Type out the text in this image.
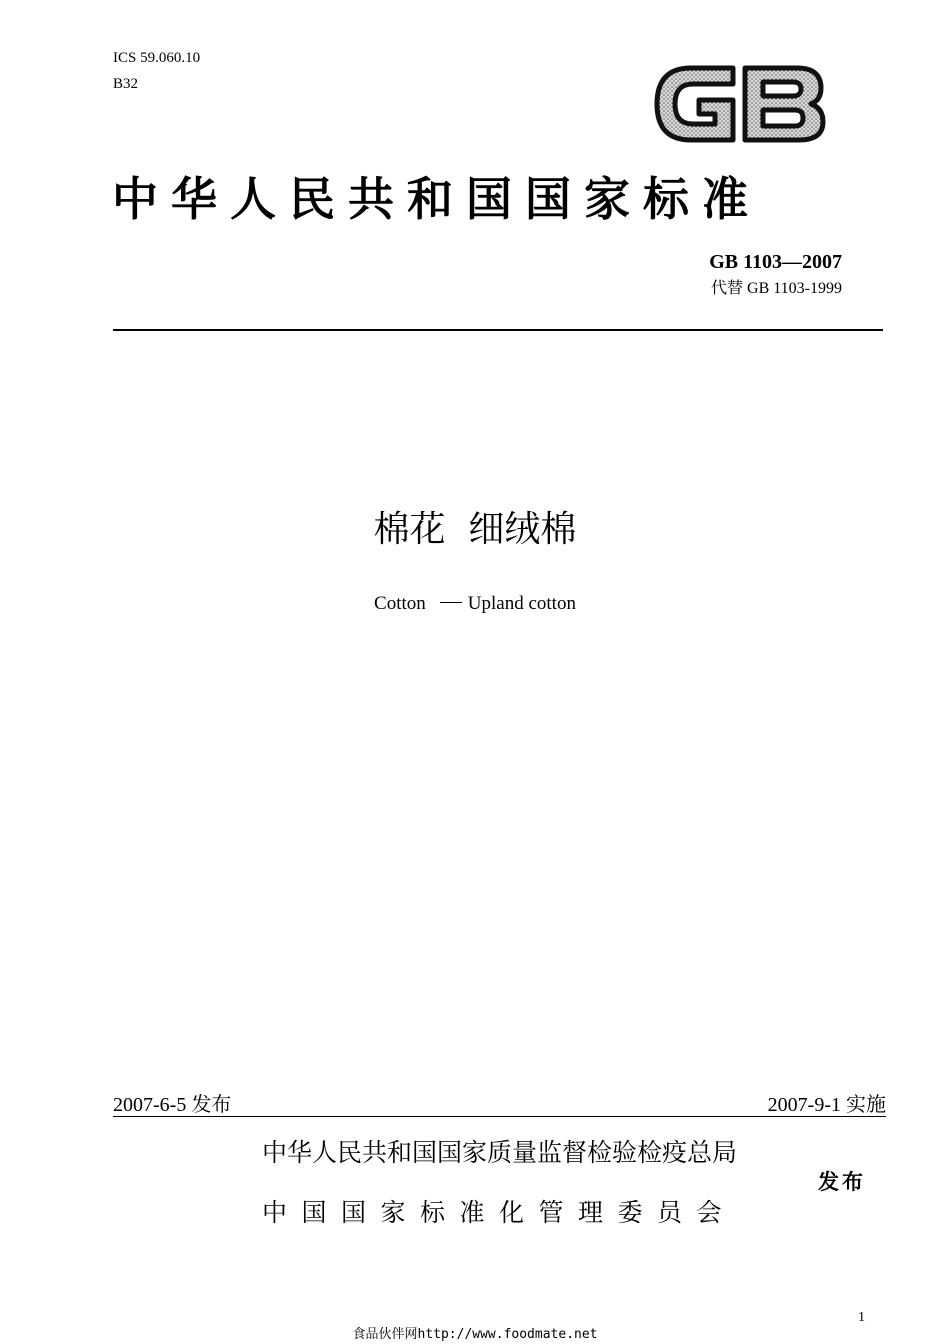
ICS 59.060.10
B32
中华人民共和国国家标准
GB 1103—2007
代替 GB 1103-1999
棉花  细绒棉
Cotton Upland cotton
2007-6-5 发布	2007-9-1 实施
中华人民共和国国家质量监督检验检疫总局
中国国家标准化管理委员会
发布
1
食品伙伴网http://www.foodmate.net
